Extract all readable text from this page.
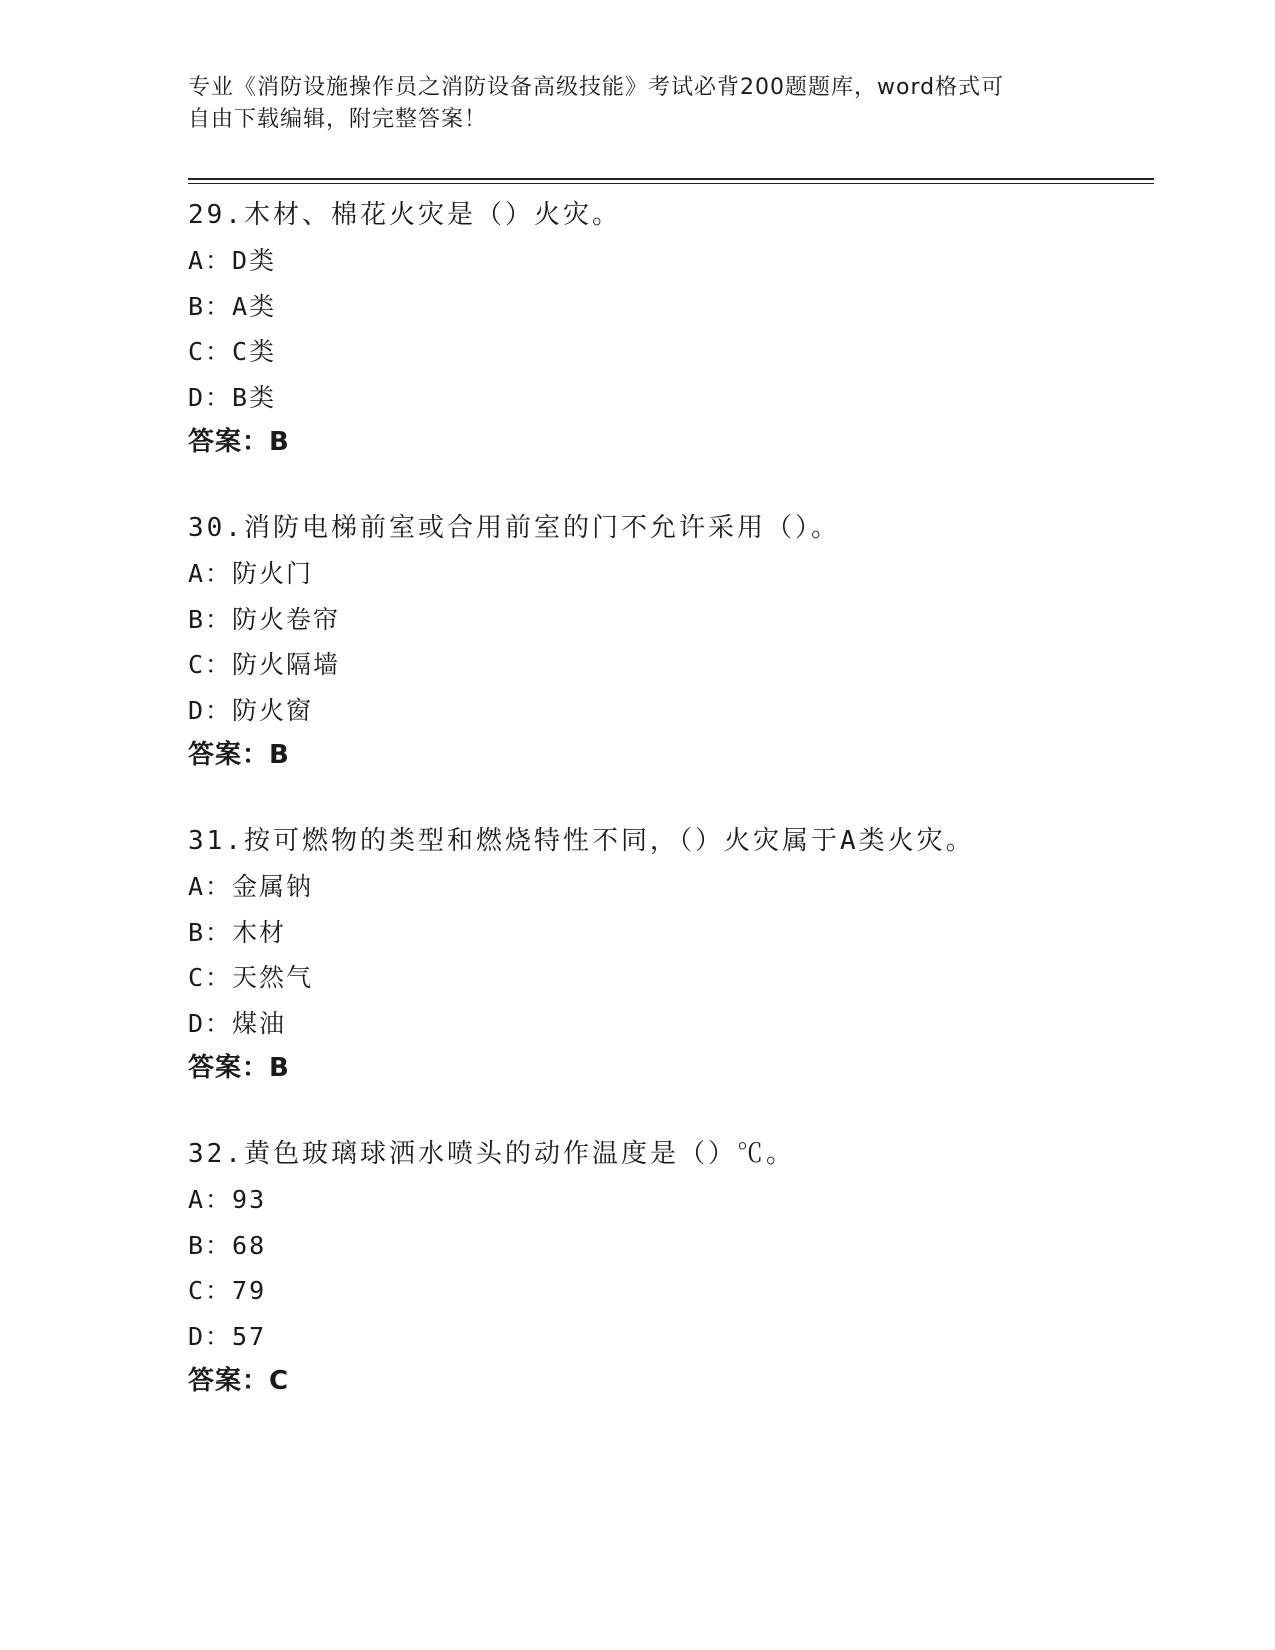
专业《消防设施操作员之消防设备高级技能》考试必背200题题库，word格式可
自由下载编辑，附完整答案！
29.木材、棉花火灾是（）火灾。
A：D类
B：A类
C：C类
D：B类
答案：B
30.消防电梯前室或合用前室的门不允许采用（）。
A：防火门
B：防火卷帘
C：防火隔墙
D：防火窗
答案：B
31.按可燃物的类型和燃烧特性不同，（）火灾属于A类火灾。
A：金属钠
B：木材
C：天然气
D：煤油
答案：B
32.黄色玻璃球洒水喷头的动作温度是（）℃。
A：93
B：68
C：79
D：57
答案：C
